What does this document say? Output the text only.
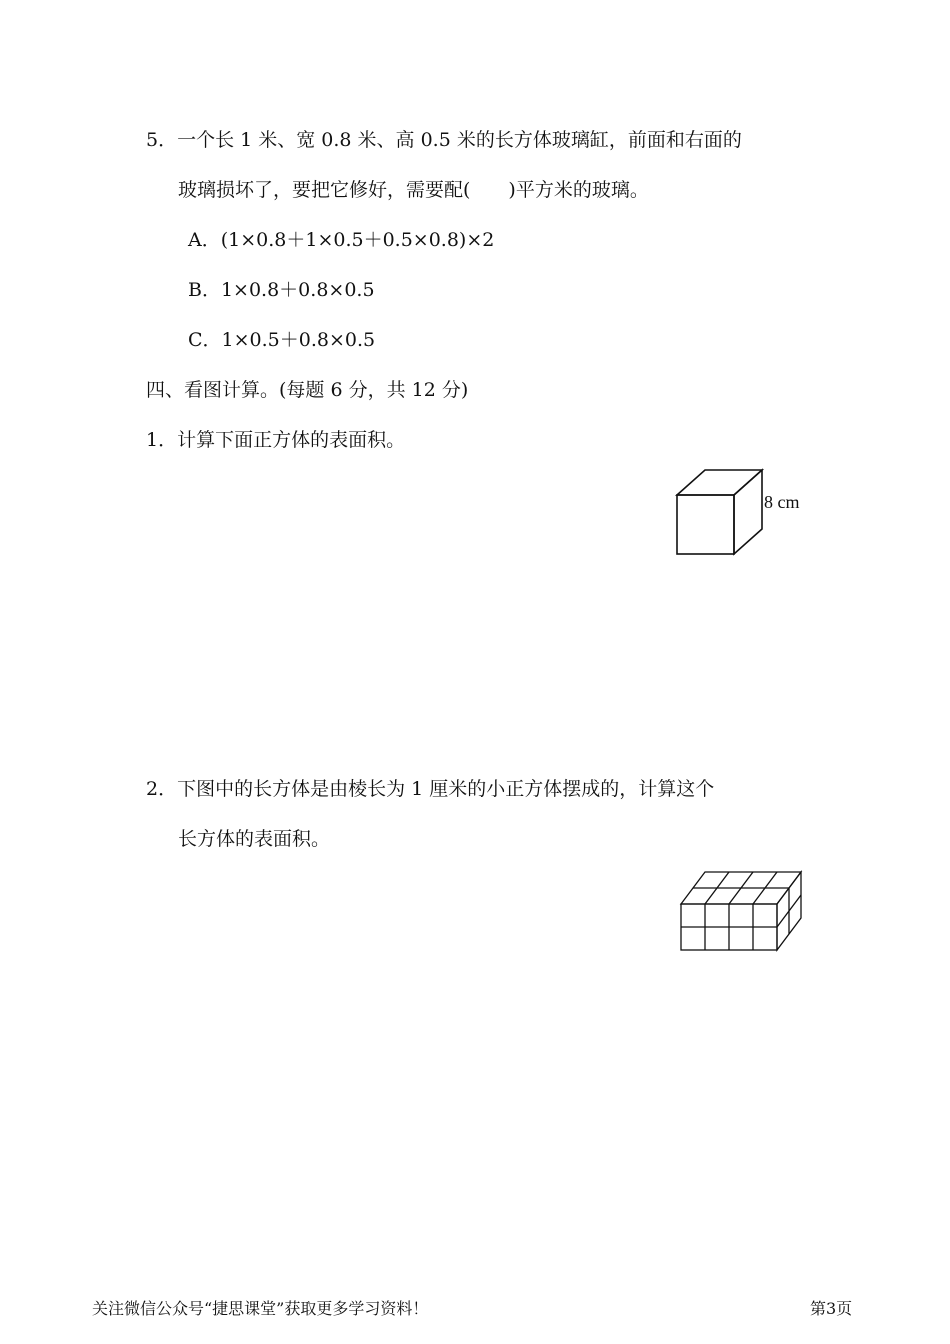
5．一个长 1 米、宽 0.8 米、高 0.5 米的长方体玻璃缸，前面和右面的
玻璃损坏了，要把它修好，需要配(　　)平方米的玻璃。
A．(1×0.8＋1×0.5＋0.5×0.8)×2
B．1×0.8＋0.8×0.5
C．1×0.5＋0.8×0.5
四、看图计算。(每题 6 分，共 12 分)
1．计算下面正方体的表面积。
8 cm
2．下图中的长方体是由棱长为 1 厘米的小正方体摆成的，计算这个
长方体的表面积。
关注微信公众号“捷思课堂”获取更多学习资料！	第3页
